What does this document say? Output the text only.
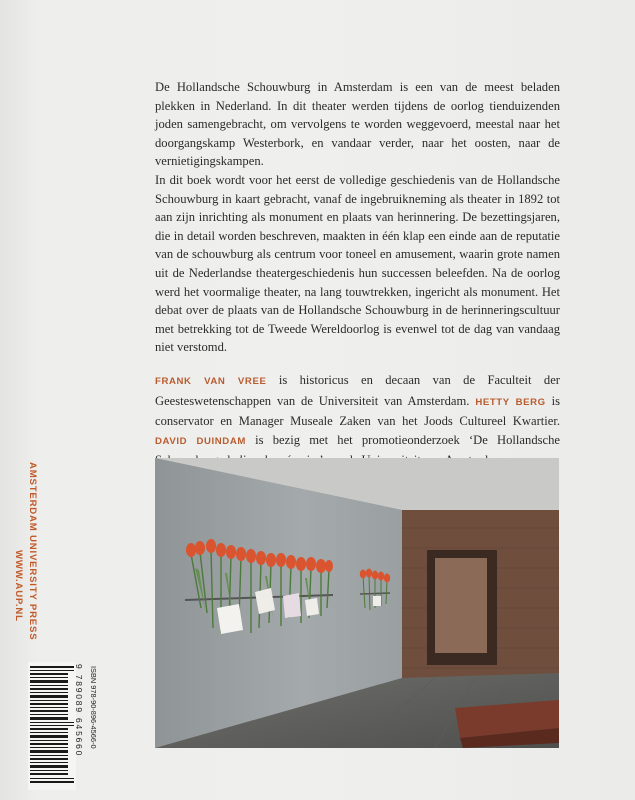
De Hollandsche Schouwburg in Amsterdam is een van de meest beladen plekken in Nederland. In dit theater werden tijdens de oorlog tienduizenden joden samengebracht, om vervolgens te worden weggevoerd, meestal naar het doorgangskamp Westerbork, en vandaar verder, naar het oosten, naar de vernietigingskampen.

In dit boek wordt voor het eerst de volledige geschiedenis van de Hollandsche Schouwburg in kaart gebracht, vanaf de ingebruikneming als theater in 1892 tot aan zijn inrichting als monument en plaats van herinnering. De bezettingsjaren, die in detail worden beschreven, maakten in één klap een einde aan de reputatie van de schouwburg als centrum voor toneel en amusement, waarin grote namen uit de Nederlandse theatergeschiedenis hun successen beleefden. Na de oorlog werd het voormalige theater, na lang touwtrekken, ingericht als monument. Het debat over de plaats van de Hollandsche Schouwburg in de herinneringscultuur met betrekking tot de Tweede Wereldoorlog is evenwel tot de dag van vandaag niet verstomd.

FRANK VAN VREE is historicus en decaan van de Faculteit der Geesteswetenschappen van de Universiteit van Amsterdam. HETTY BERG is conservator en Manager Museale Zaken van het Joods Cultureel Kwartier. DAVID DUINDAM is bezig met het promotieonderzoek ‘De Hollandsche

AMSTERDAM UNIVERSITY PRESS
WWW.AUP.NL
9 789089 645660 ISBN 978-90-896-4566-0
